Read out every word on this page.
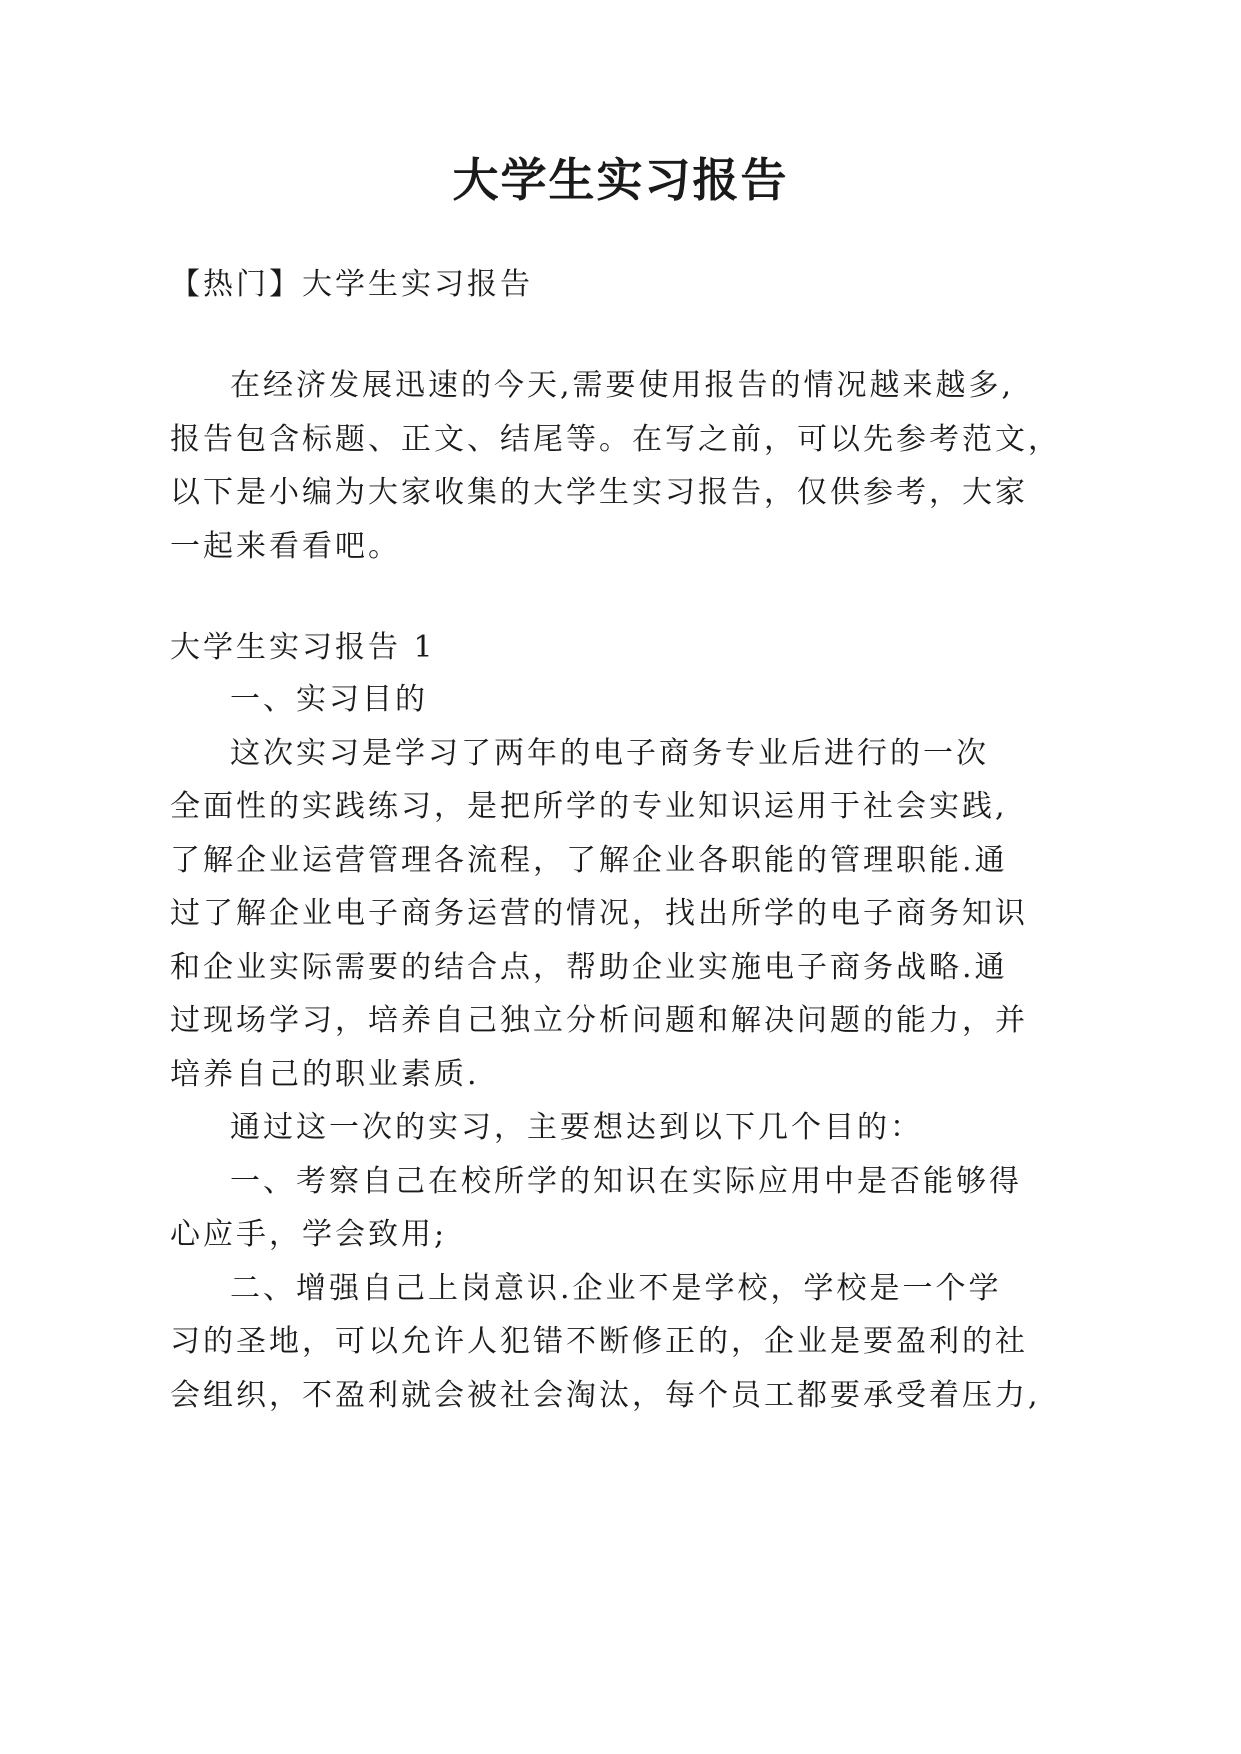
大学生实习报告
【热门】大学生实习报告
在经济发展迅速的今天,需要使用报告的情况越来越多,
报告包含标题、正文、结尾等。在写之前，可以先参考范文，
以下是小编为大家收集的大学生实习报告，仅供参考，大家
一起来看看吧。
大学生实习报告 1
一、实习目的
这次实习是学习了两年的电子商务专业后进行的一次
全面性的实践练习，是把所学的专业知识运用于社会实践,
了解企业运营管理各流程，了解企业各职能的管理职能.通
过了解企业电子商务运营的情况，找出所学的电子商务知识
和企业实际需要的结合点，帮助企业实施电子商务战略.通
过现场学习，培养自己独立分析问题和解决问题的能力，并
培养自己的职业素质.
通过这一次的实习，主要想达到以下几个目的：
一、考察自己在校所学的知识在实际应用中是否能够得
心应手，学会致用;
二、增强自己上岗意识.企业不是学校，学校是一个学
习的圣地，可以允许人犯错不断修正的，企业是要盈利的社
会组织，不盈利就会被社会淘汰，每个员工都要承受着压力,
